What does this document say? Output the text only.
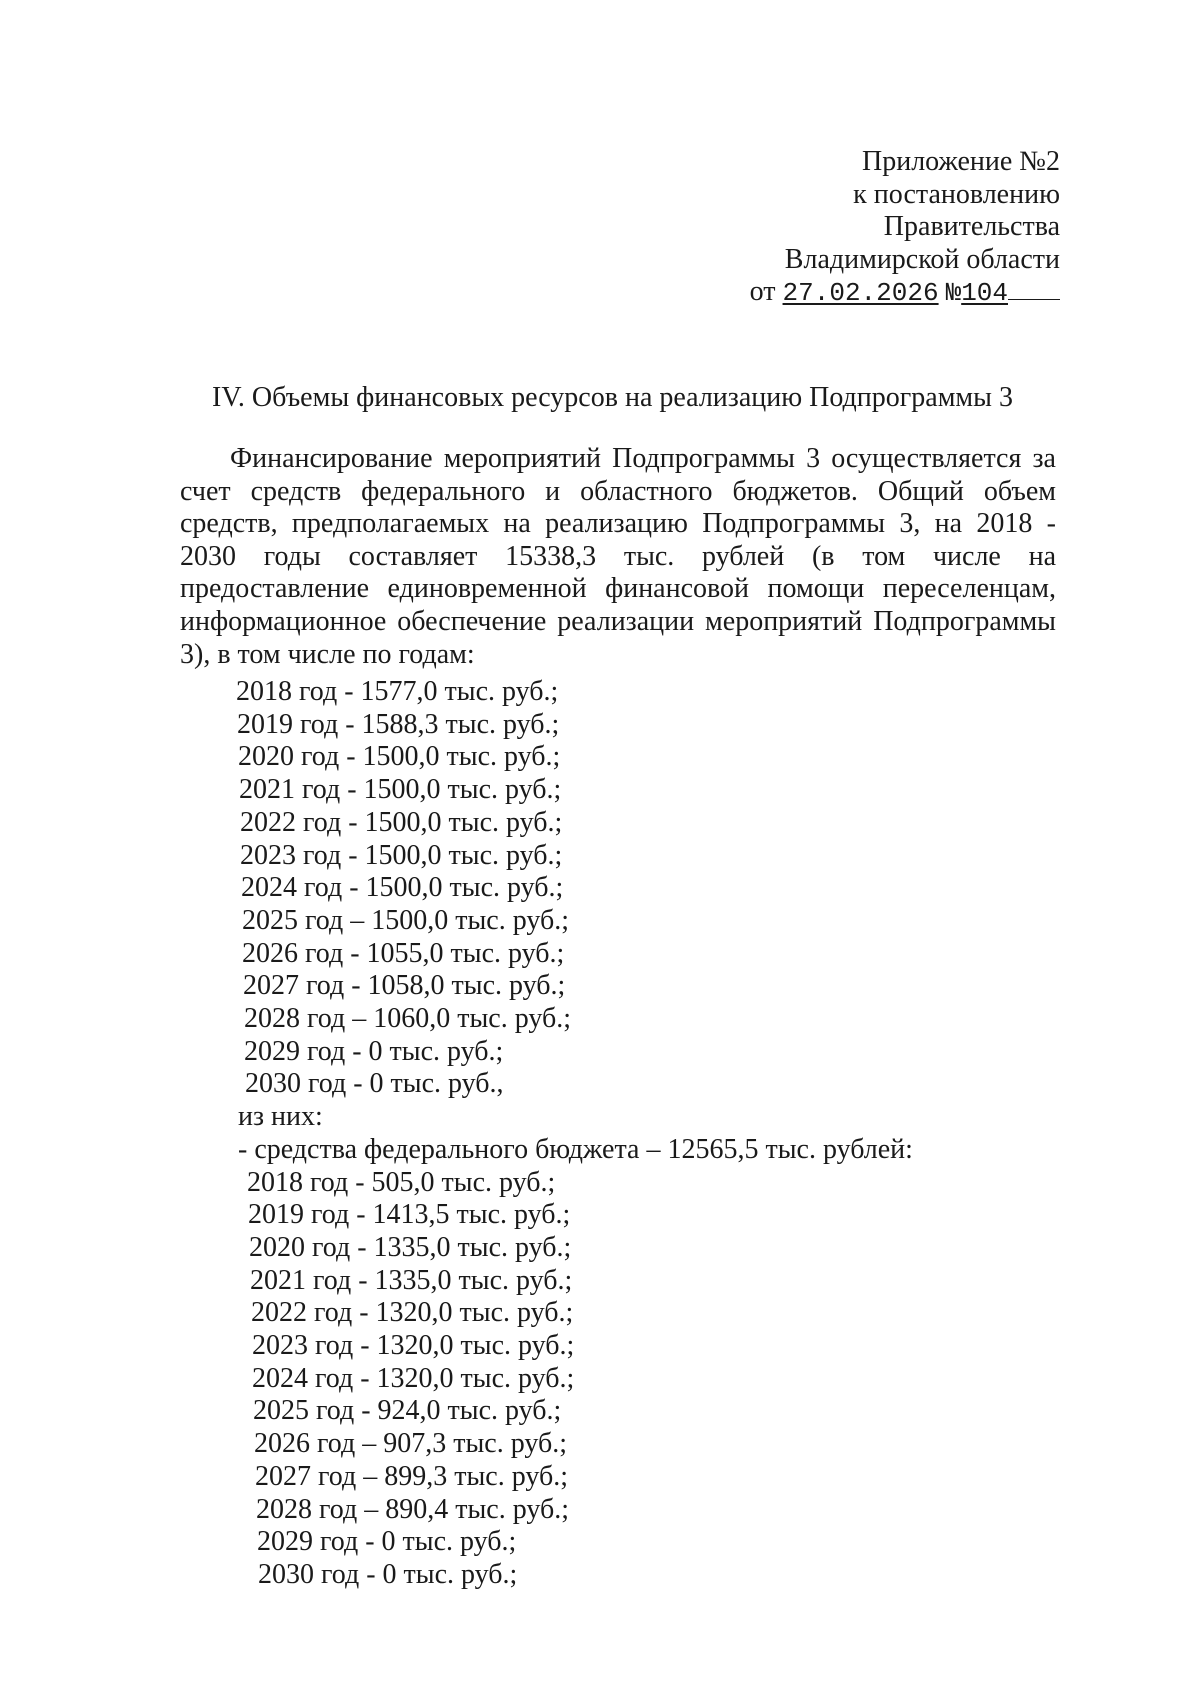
Приложение №2
к постановлению
Правительства
Владимирской области
от 27.02.2026 №104
IV. Объемы финансовых ресурсов на реализацию Подпрограммы 3
Финансирование мероприятий Подпрограммы 3 осуществляется за счет средств федерального и областного бюджетов. Общий объем средств, предполагаемых на реализацию Подпрограммы 3, на 2018 - 2030 годы составляет 15338,3 тыс. рублей (в том числе на предоставление единовременной финансовой помощи переселенцам, информационное обеспечение реализации мероприятий Подпрограммы 3), в том числе по годам:
2018 год - 1577,0 тыс. руб.;
2019 год - 1588,3 тыс. руб.;
2020 год - 1500,0 тыс. руб.;
2021 год - 1500,0 тыс. руб.;
2022 год - 1500,0 тыс. руб.;
2023 год - 1500,0 тыс. руб.;
2024 год - 1500,0 тыс. руб.;
2025 год – 1500,0 тыс. руб.;
2026 год - 1055,0 тыс. руб.;
2027 год - 1058,0 тыс. руб.;
2028 год – 1060,0 тыс. руб.;
2029 год - 0 тыс. руб.;
2030 год - 0 тыс. руб.,
из них:
- средства федерального бюджета – 12565,5 тыс. рублей:
2018 год - 505,0 тыс. руб.;
2019 год - 1413,5 тыс. руб.;
2020 год - 1335,0 тыс. руб.;
2021 год - 1335,0 тыс. руб.;
2022 год - 1320,0 тыс. руб.;
2023 год - 1320,0 тыс. руб.;
2024 год - 1320,0 тыс. руб.;
2025 год - 924,0 тыс. руб.;
2026 год – 907,3 тыс. руб.;
2027 год – 899,3 тыс. руб.;
2028 год – 890,4 тыс. руб.;
2029 год - 0 тыс. руб.;
2030 год - 0 тыс. руб.;
